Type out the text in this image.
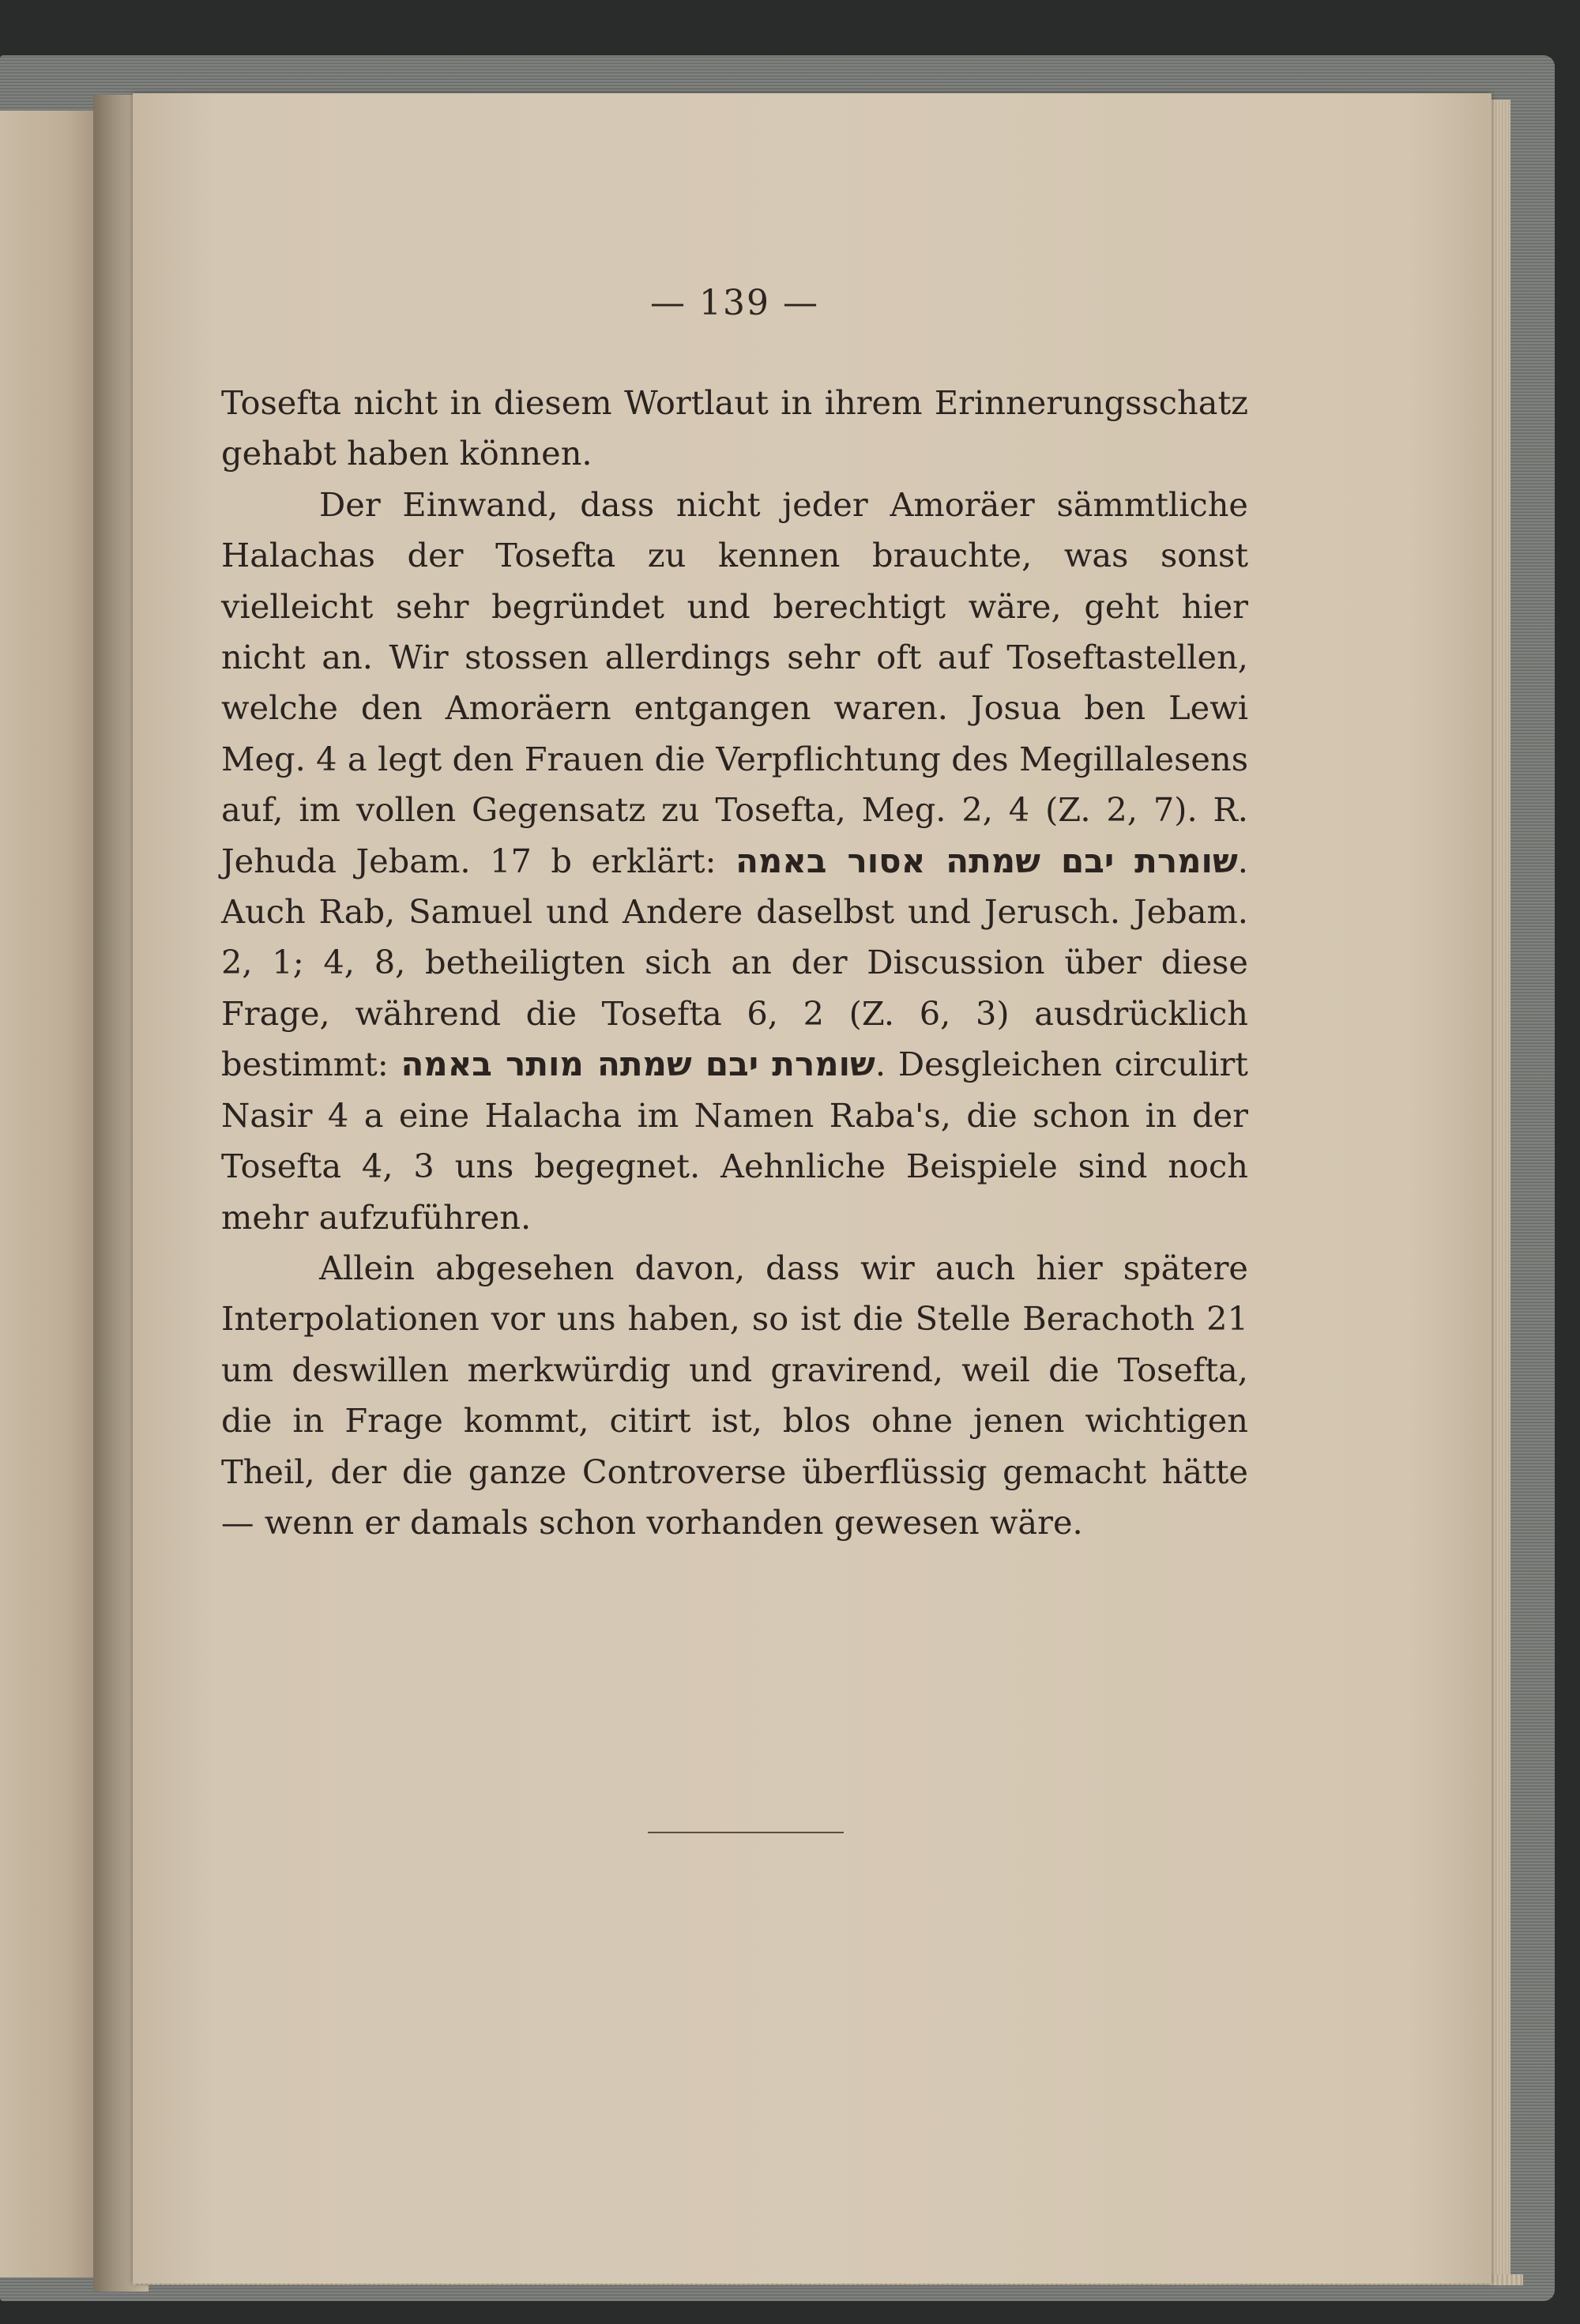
— 139 —

Tosefta nicht in diesem Wortlaut in ihrem Erinnerungsschatz gehabt haben können.

Der Einwand, dass nicht jeder Amoräer sämmtliche Halachas der Tosefta zu kennen brauchte, was sonst vielleicht sehr begründet und berechtigt wäre, geht hier nicht an. Wir stossen allerdings sehr oft auf Toseftastellen, welche den Amoräern entgangen waren. Josua ben Lewi Meg. 4 a legt den Frauen die Verpflichtung des Megillalesens auf, im vollen Gegensatz zu Tosefta, Meg. 2, 4 (Z. 2, 7). R. Jehuda Jebam. 17 b erklärt: שומרת יבם שמתה אסור באמה. Auch Rab, Samuel und Andere daselbst und Jerusch. Jebam. 2, 1; 4, 8, betheiligten sich an der Discussion über diese Frage, während die Tosefta 6, 2 (Z. 6, 3) ausdrücklich bestimmt: שומרת יבם שמתה מותר באמה. Desgleichen circulirt Nasir 4 a eine Halacha im Namen Raba's, die schon in der Tosefta 4, 3 uns begegnet. Aehnliche Beispiele sind noch mehr aufzuführen.

Allein abgesehen davon, dass wir auch hier spätere Interpolationen vor uns haben, so ist die Stelle Berachoth 21 um deswillen merkwürdig und gravirend, weil die Tosefta, die in Frage kommt, citirt ist, blos ohne jenen wichtigen Theil, der die ganze Controverse überflüssig gemacht hätte — wenn er damals schon vorhanden gewesen wäre.
